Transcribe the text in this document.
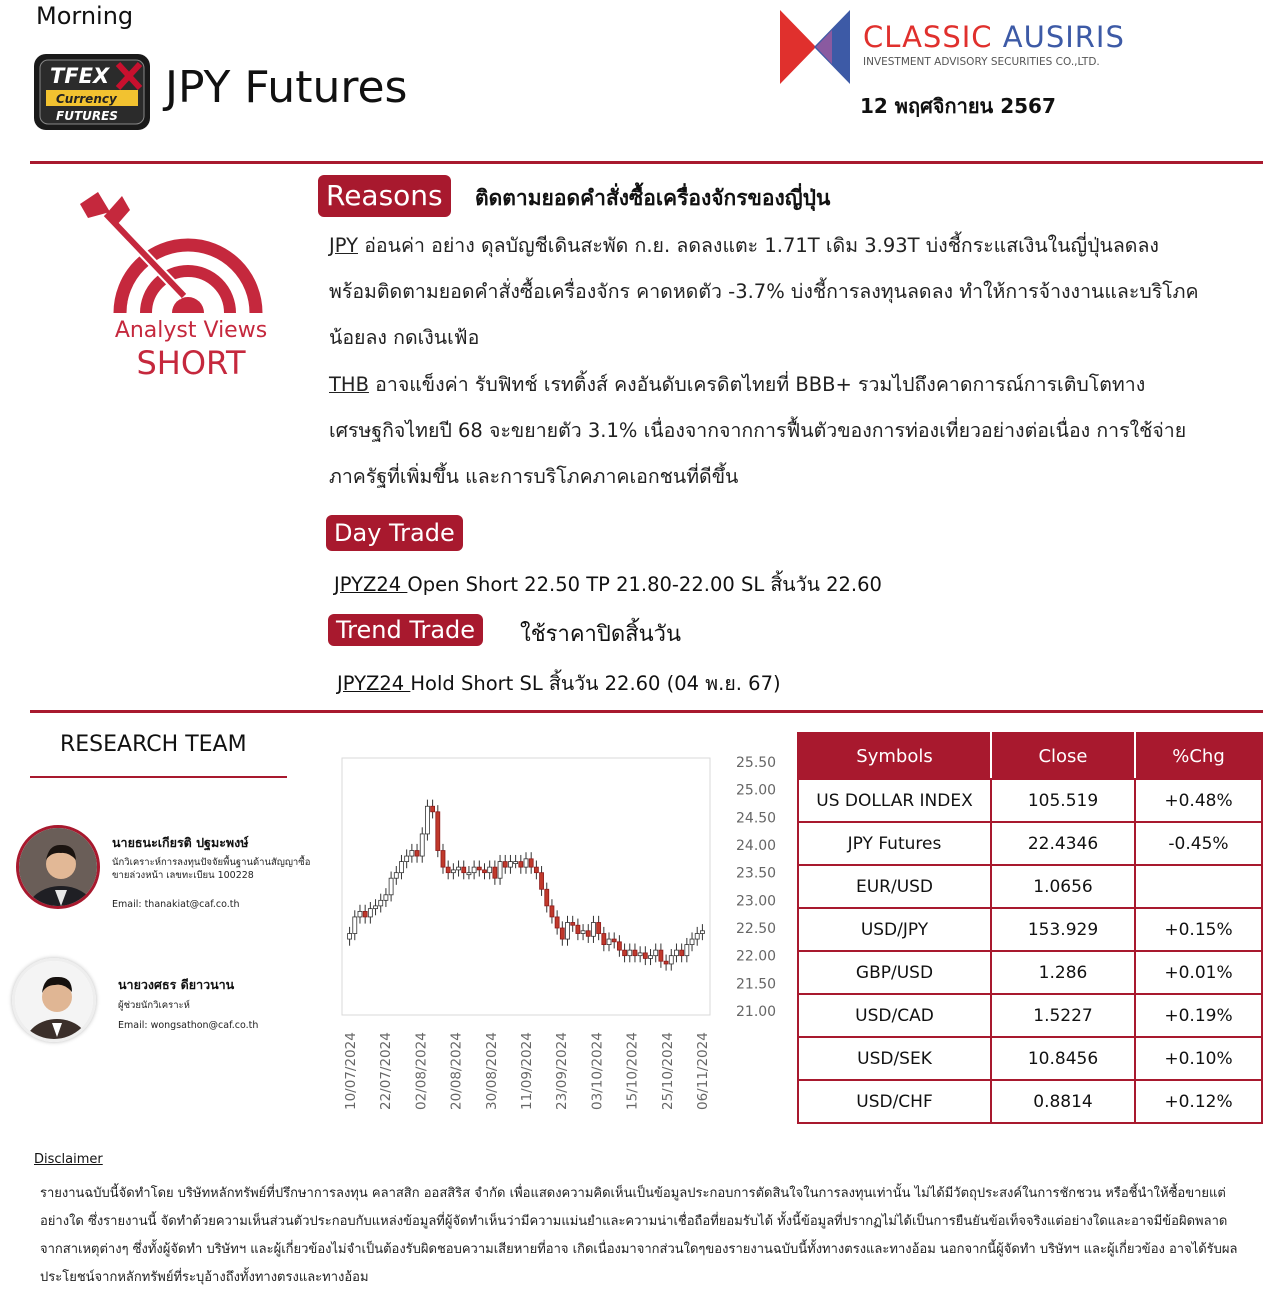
Morning
TFEX
Currency
FUTURES
JPY Futures
CLASSIC AUSIRIS
INVESTMENT ADVISORY SECURITIES CO.,LTD.
12 พฤศจิกายน 2567
Analyst Views
SHORT
Reasons	ติดตามยอดคำสั่งซื้อเครื่องจักรของญี่ปุ่น
JPY อ่อนค่า อย่าง ดุลบัญชีเดินสะพัด ก.ย. ลดลงแตะ 1.71T เดิม 3.93T บ่งชี้กระแสเงินในญี่ปุ่นลดลง พร้อมติดตามยอดคำสั่งซื้อเครื่องจักร คาดหดตัว -3.7% บ่งชี้การลงทุนลดลง ทำให้การจ้างงานและบริโภคน้อยลง กดเงินเฟ้อ
THB อาจแข็งค่า รับฟิทช์ เรทติ้งส์ คงอันดับเครดิตไทยที่ BBB+ รวมไปถึงคาดการณ์การเติบโตทางเศรษฐกิจไทยปี 68 จะขยายตัว 3.1% เนื่องจากจากการฟื้นตัวของการท่องเที่ยวอย่างต่อเนื่อง การใช้จ่ายภาครัฐที่เพิ่มขึ้น และการบริโภคภาคเอกชนที่ดีขึ้น
Day Trade
JPYZ24 Open Short 22.50 TP 21.80-22.00 SL สิ้นวัน 22.60
Trend Trade	ใช้ราคาปิดสิ้นวัน
JPYZ24 Hold Short SL สิ้นวัน 22.60 (04 พ.ย. 67)
RESEARCH TEAM
นายธนะเกียรติ ปฐมะพงษ์
นักวิเคราะห์การลงทุนปัจจัยพื้นฐานด้านสัญญาซื้อขายล่วงหน้า เลขทะเบียน 100228
Email: thanakiat@caf.co.th
นายวงศธร ดียาวนาน
ผู้ช่วยนักวิเคราะห์
Email: wongsathon@caf.co.th
25.50
25.00
24.50
24.00
23.50
23.00
22.50
22.00
21.50
21.00
10/07/2024 22/07/2024 02/08/2024 20/08/2024 30/08/2024 11/09/2024 23/09/2024 03/10/2024 15/10/2024 25/10/2024 06/11/2024
Symbols	Close	%Chg
US DOLLAR INDEX	105.519	+0.48%
JPY Futures	22.4346	-0.45%
EUR/USD	1.0656	
USD/JPY	153.929	+0.15%
GBP/USD	1.286	+0.01%
USD/CAD	1.5227	+0.19%
USD/SEK	10.8456	+0.10%
USD/CHF	0.8814	+0.12%
Disclaimer
รายงานฉบับนี้จัดทำโดย บริษัทหลักทรัพย์ที่ปรึกษาการลงทุน คลาสสิก ออสสิริส จำกัด เพื่อแสดงความคิดเห็นเป็นข้อมูลประกอบการตัดสินใจในการลงทุนเท่านั้น ไม่ได้มีวัตถุประสงค์ในการชักชวน หรือชี้นำให้ซื้อขายแต่อย่างใด ซึ่งรายงานนี้ จัดทำด้วยความเห็นส่วนตัวประกอบกับแหล่งข้อมูลที่ผู้จัดทำเห็นว่ามีความแม่นยำและความน่าเชื่อถือที่ยอมรับได้ ทั้งนี้ข้อมูลที่ปรากฏไม่ได้เป็นการยืนยันข้อเท็จจริงแต่อย่างใดและอาจมีข้อผิดพลาดจากสาเหตุต่างๆ ซึ่งทั้งผู้จัดทำ บริษัทฯ และผู้เกี่ยวข้องไม่จำเป็นต้องรับผิดชอบความเสียหายที่อาจ เกิดเนื่องมาจากส่วนใดๆของรายงานฉบับนี้ทั้งทางตรงและทางอ้อม นอกจากนี้ผู้จัดทำ บริษัทฯ และผู้เกี่ยวข้อง อาจได้รับผลประโยชน์จากหลักทรัพย์ที่ระบุอ้างถึงทั้งทางตรงและทางอ้อม
